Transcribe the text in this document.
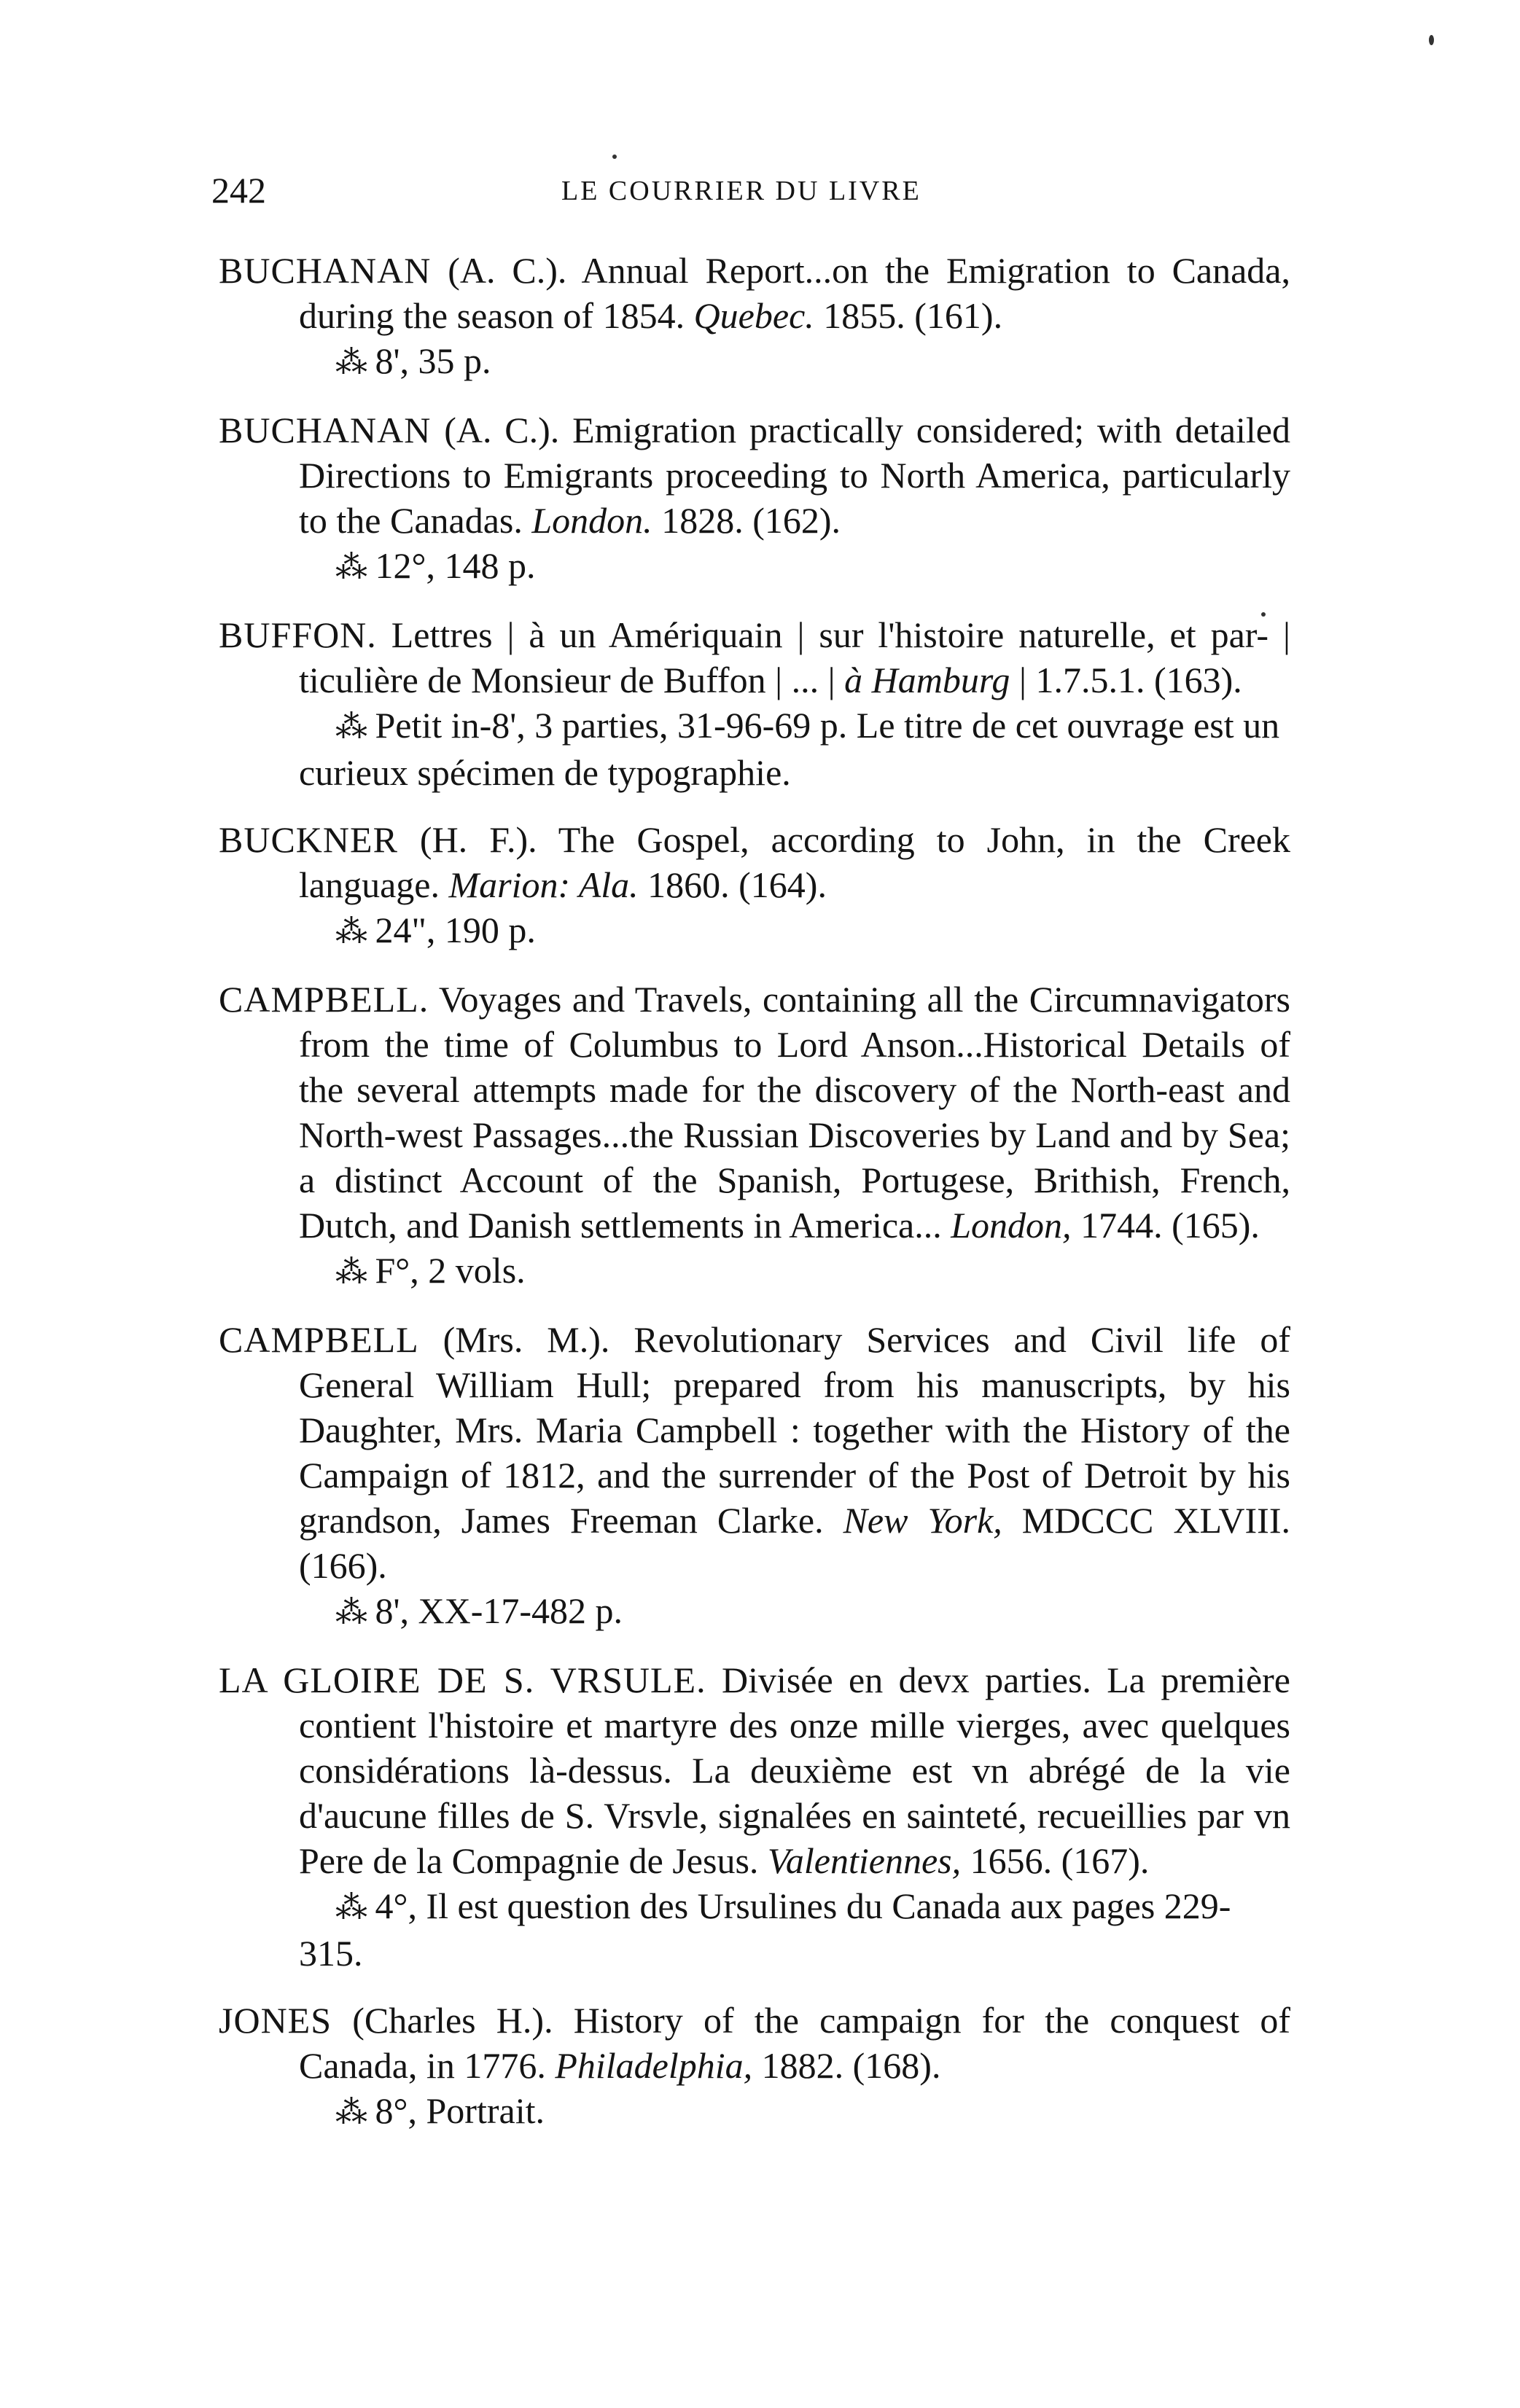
242	LE COURRIER DU LIVRE

BUCHANAN (A. C.). Annual Report...on the Emigration to Canada, during the season of 1854. Quebec. 1855. (161).

⁂ 8', 35 p.

BUCHANAN (A. C.). Emigration practically considered; with detailed Directions to Emigrants proceeding to North America, particularly to the Canadas. London. 1828. (162).

⁂ 12°, 148 p.

BUFFON. Lettres | à un Amériquain | sur l'histoire naturelle, et par- | ticulière de Monsieur de Buffon | ... | à Hamburg | 1.7.5.1. (163).

⁂ Petit in-8', 3 parties, 31-96-69 p. Le titre de cet ouvrage est un curieux spécimen de typographie.

BUCKNER (H. F.). The Gospel, according to John, in the Creek language. Marion: Ala. 1860. (164).

⁂ 24", 190 p.

CAMPBELL. Voyages and Travels, containing all the Circumnavigators from the time of Columbus to Lord Anson...Historical Details of the several attempts made for the discovery of the North-east and North-west Passages...the Russian Discoveries by Land and by Sea; a distinct Account of the Spanish, Portugese, Brithish, French, Dutch, and Danish settlements in America... London, 1744. (165).

⁂ F°, 2 vols.

CAMPBELL (Mrs. M.). Revolutionary Services and Civil life of General William Hull; prepared from his manuscripts, by his Daughter, Mrs. Maria Campbell : together with the History of the Campaign of 1812, and the surrender of the Post of Detroit by his grandson, James Freeman Clarke. New York, MDCCC XLVIII. (166).

⁂ 8', XX-17-482 p.

LA GLOIRE DE S. VRSULE. Divisée en devx parties. La première contient l'histoire et martyre des onze mille vierges, avec quelques considérations là-dessus. La deuxième est vn abrégé de la vie d'aucune filles de S. Vrsvle, signalées en sainteté, recueillies par vn Pere de la Compagnie de Jesus. Valentiennes, 1656. (167).

⁂ 4°, Il est question des Ursulines du Canada aux pages 229-315.

JONES (Charles H.). History of the campaign for the conquest of Canada, in 1776. Philadelphia, 1882. (168).

⁂ 8°, Portrait.
